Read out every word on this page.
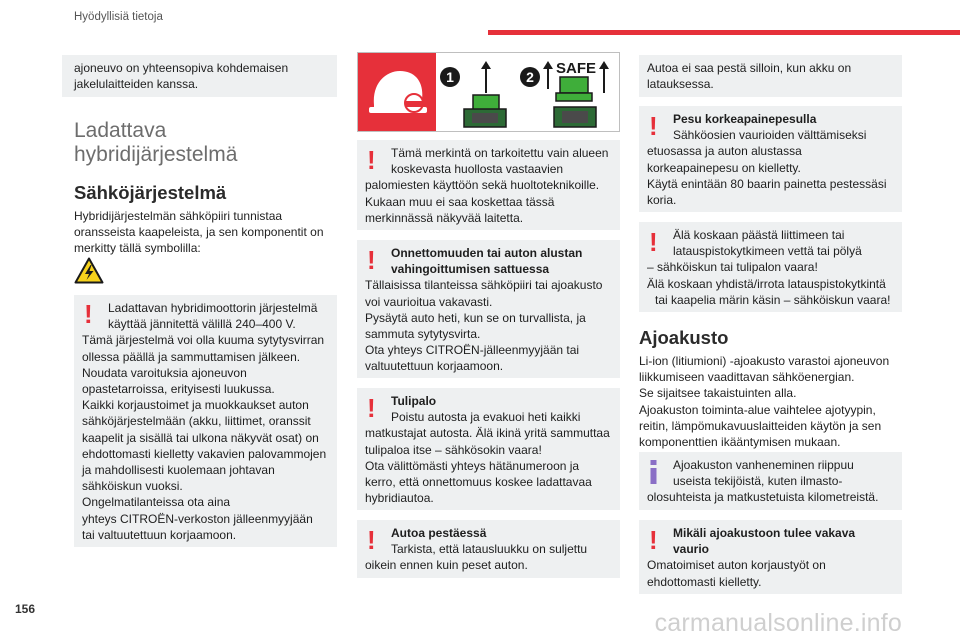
Hyödyllisiä tietoja
ajoneuvo on yhteensopiva kohdemaisen
jakelulaitteiden kanssa.
Ladattava
hybridijärjestelmä
Sähköjärjestelmä
Hybridijärjestelmän sähköpiiri tunnistaa
oransseista kaapeleista, ja sen komponentit on
merkitty tällä symbolilla:
!	Ladattavan hybridimoottorin järjestelmä
käyttää jännitettä välillä 240–400 V.
Tämä järjestelmä voi olla kuuma sytytysvirran
ollessa päällä ja sammuttamisen jälkeen.
Noudata varoituksia ajoneuvon
opastetarroissa, erityisesti luukussa.
Kaikki korjaustoimet ja muokkaukset auton
sähköjärjestelmään (akku, liittimet, oranssit
kaapelit ja sisällä tai ulkona näkyvät osat) on
ehdottomasti kielletty vakavien palovammojen
ja mahdollisesti kuolemaan johtavan
sähköiskun vuoksi.
Ongelmatilanteissa ota aina
yhteys CITROËN-verkoston jälleenmyyjään
tai valtuutettuun korjaamoon.
1	2 SAFE
!	Tämä merkintä on tarkoitettu vain alueen
koskevasta huollosta vastaavien
palomiesten käyttöön sekä huoltoteknikoille.
Kukaan muu ei saa koskettaa tässä
merkinnässä näkyvää laitetta.
!	Onnettomuuden tai auton alustan
vahingoittumisen sattuessa
Tällaisissa tilanteissa sähköpiiri tai ajoakusto
voi vaurioitua vakavasti.
Pysäytä auto heti, kun se on turvallista, ja
sammuta sytytysvirta.
Ota yhteys CITROËN-jälleenmyyjään tai
valtuutettuun korjaamoon.
!	Tulipalo
Poistu autosta ja evakuoi heti kaikki
matkustajat autosta. Älä ikinä yritä sammuttaa
tulipaloa itse – sähkösokin vaara!
Ota välittömästi yhteys hätänumeroon ja
kerro, että onnettomuus koskee ladattavaa
hybridiautoa.
!	Autoa pestäessä
Tarkista, että latausluukku on suljettu
oikein ennen kuin peset auton.
Autoa ei saa pestä silloin, kun akku on
latauksessa.
!	Pesu korkeapainepesulla
Sähköosien vaurioiden välttämiseksi
etuosassa ja auton alustassa
korkeapainepesu on kielletty.
Käytä enintään 80 baarin painetta pestessäsi
koria.
!	Älä koskaan päästä liittimeen tai
latauspistokytkimeen vettä tai pölyä
– sähköiskun tai tulipalon vaara!
Älä koskaan yhdistä/irrota latauspistokytkintä
tai kaapelia märin käsin – sähköiskun vaara!
Ajoakusto
Li-ion (litiumioni) -ajoakusto varastoi ajoneuvon
liikkumiseen vaadittavan sähköenergian.
Se sijaitsee takaistuinten alla.
Ajoakuston toiminta-alue vaihtelee ajotyypin,
reitin, lämpömukavuuslaitteiden käytön ja sen
komponenttien ikääntymisen mukaan.
Ajoakuston vanheneminen riippuu
useista tekijöistä, kuten ilmasto-
olosuhteista ja matkustetuista kilometreistä.
!	Mikäli ajoakustoon tulee vakava
vaurio
Omatoimiset auton korjaustyöt on
ehdottomasti kielletty.
156	carmanualsonline.info
